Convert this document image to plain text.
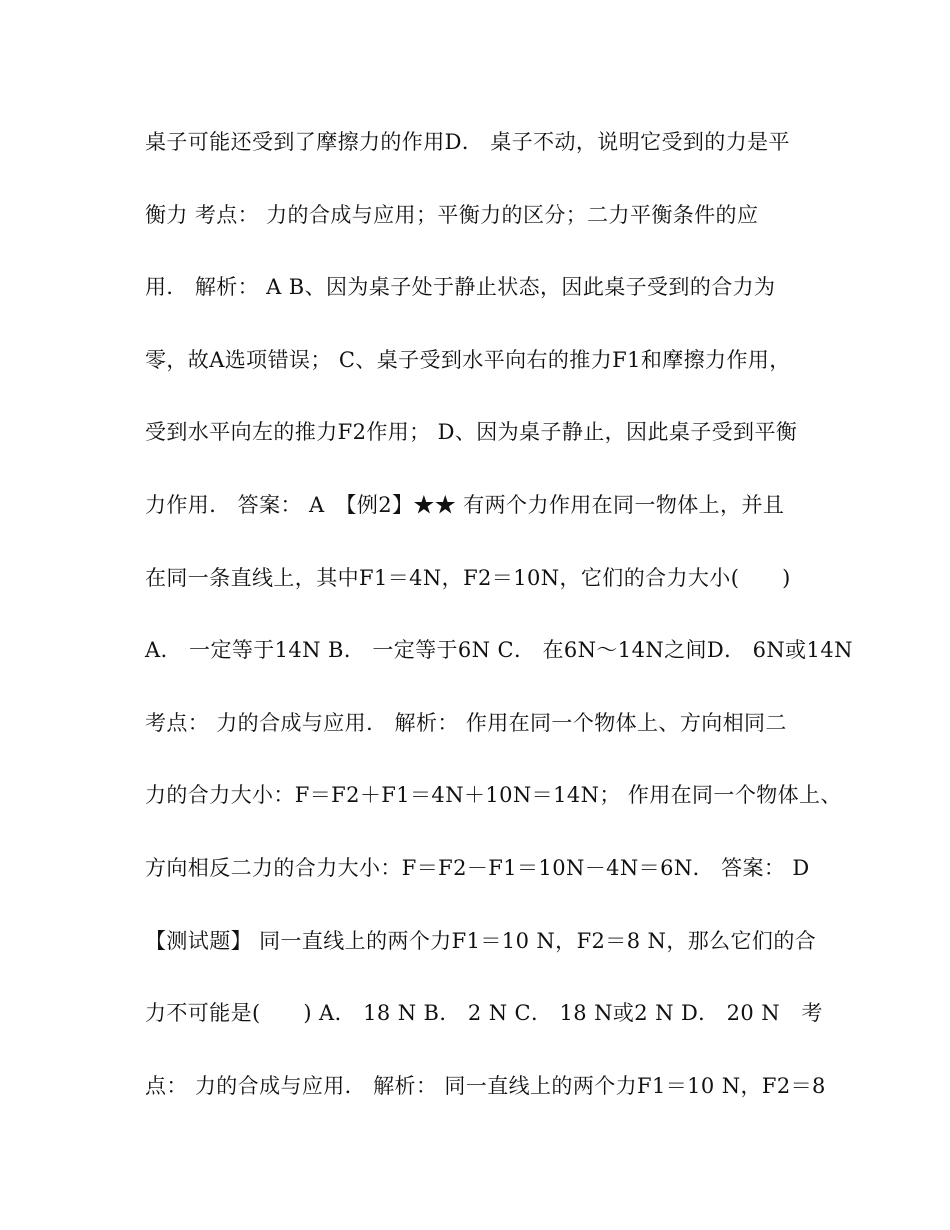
桌子可能还受到了摩擦力的作用D． 桌子不动，说明它受到的力是平
衡力 考点： 力的合成与应用；平衡力的区分；二力平衡条件的应
用． 解析： A B、因为桌子处于静止状态，因此桌子受到的合力为
零，故A选项错误； C、桌子受到水平向右的推力F1和摩擦力作用，
受到水平向左的推力F2作用； D、因为桌子静止，因此桌子受到平衡
力作用． 答案： A　【例2】★★ 有两个力作用在同一物体上，并且
在同一条直线上，其中F1＝4N，F2＝10N，它们的合力大小(　　)
A． 一定等于14N B． 一定等于6N C． 在6N～14N之间D． 6N或14N
考点： 力的合成与应用． 解析： 作用在同一个物体上、方向相同二
力的合力大小：F＝F2＋F1＝4N＋10N＝14N； 作用在同一个物体上、
方向相反二力的合力大小：F＝F2－F1＝10N－4N＝6N． 答案： D
【测试题】 同一直线上的两个力F1＝10 N，F2＝8 N，那么它们的合
力不可能是(　　) A． 18 N B． 2 N C． 18 N或2 N D． 20 N　考
点： 力的合成与应用． 解析： 同一直线上的两个力F1＝10 N，F2＝8
